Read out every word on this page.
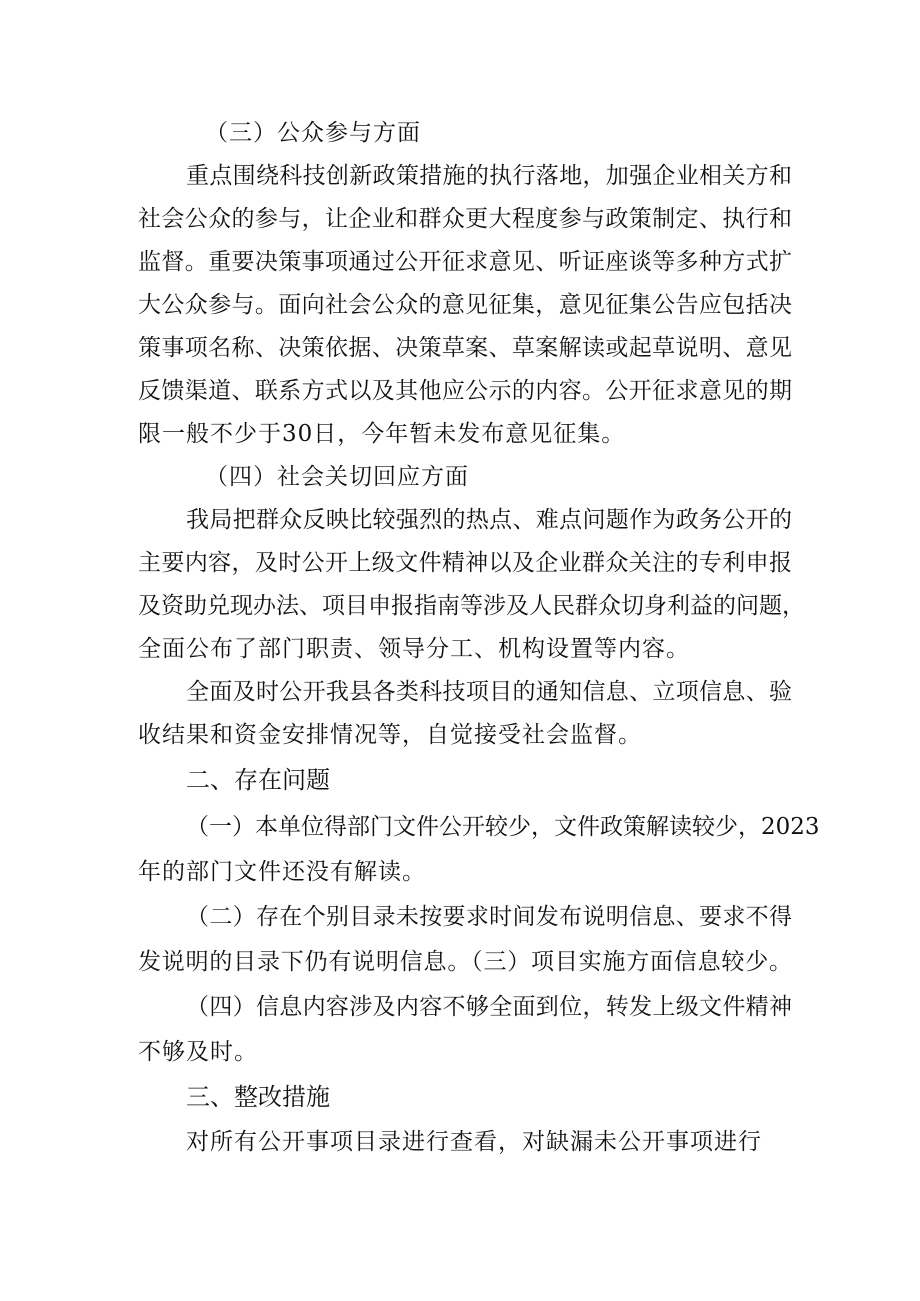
（三）公众参与方面
重点围绕科技创新政策措施的执行落地，加强企业相关方和
社会公众的参与，让企业和群众更大程度参与政策制定、执行和
监督。重要决策事项通过公开征求意见、听证座谈等多种方式扩
大公众参与。面向社会公众的意见征集，意见征集公告应包括决
策事项名称、决策依据、决策草案、草案解读或起草说明、意见
反馈渠道、联系方式以及其他应公示的内容。公开征求意见的期
限一般不少于30日，今年暂未发布意见征集。
（四）社会关切回应方面
我局把群众反映比较强烈的热点、难点问题作为政务公开的
主要内容，及时公开上级文件精神以及企业群众关注的专利申报
及资助兑现办法、项目申报指南等涉及人民群众切身利益的问题，
全面公布了部门职责、领导分工、机构设置等内容。
全面及时公开我县各类科技项目的通知信息、立项信息、验
收结果和资金安排情况等，自觉接受社会监督。
二、存在问题
（一）本单位得部门文件公开较少，文件政策解读较少，2023
年的部门文件还没有解读。
（二）存在个别目录未按要求时间发布说明信息、要求不得
发说明的目录下仍有说明信息。（三）项目实施方面信息较少。
（四）信息内容涉及内容不够全面到位，转发上级文件精神
不够及时。
三、整改措施
对所有公开事项目录进行查看，对缺漏未公开事项进行
